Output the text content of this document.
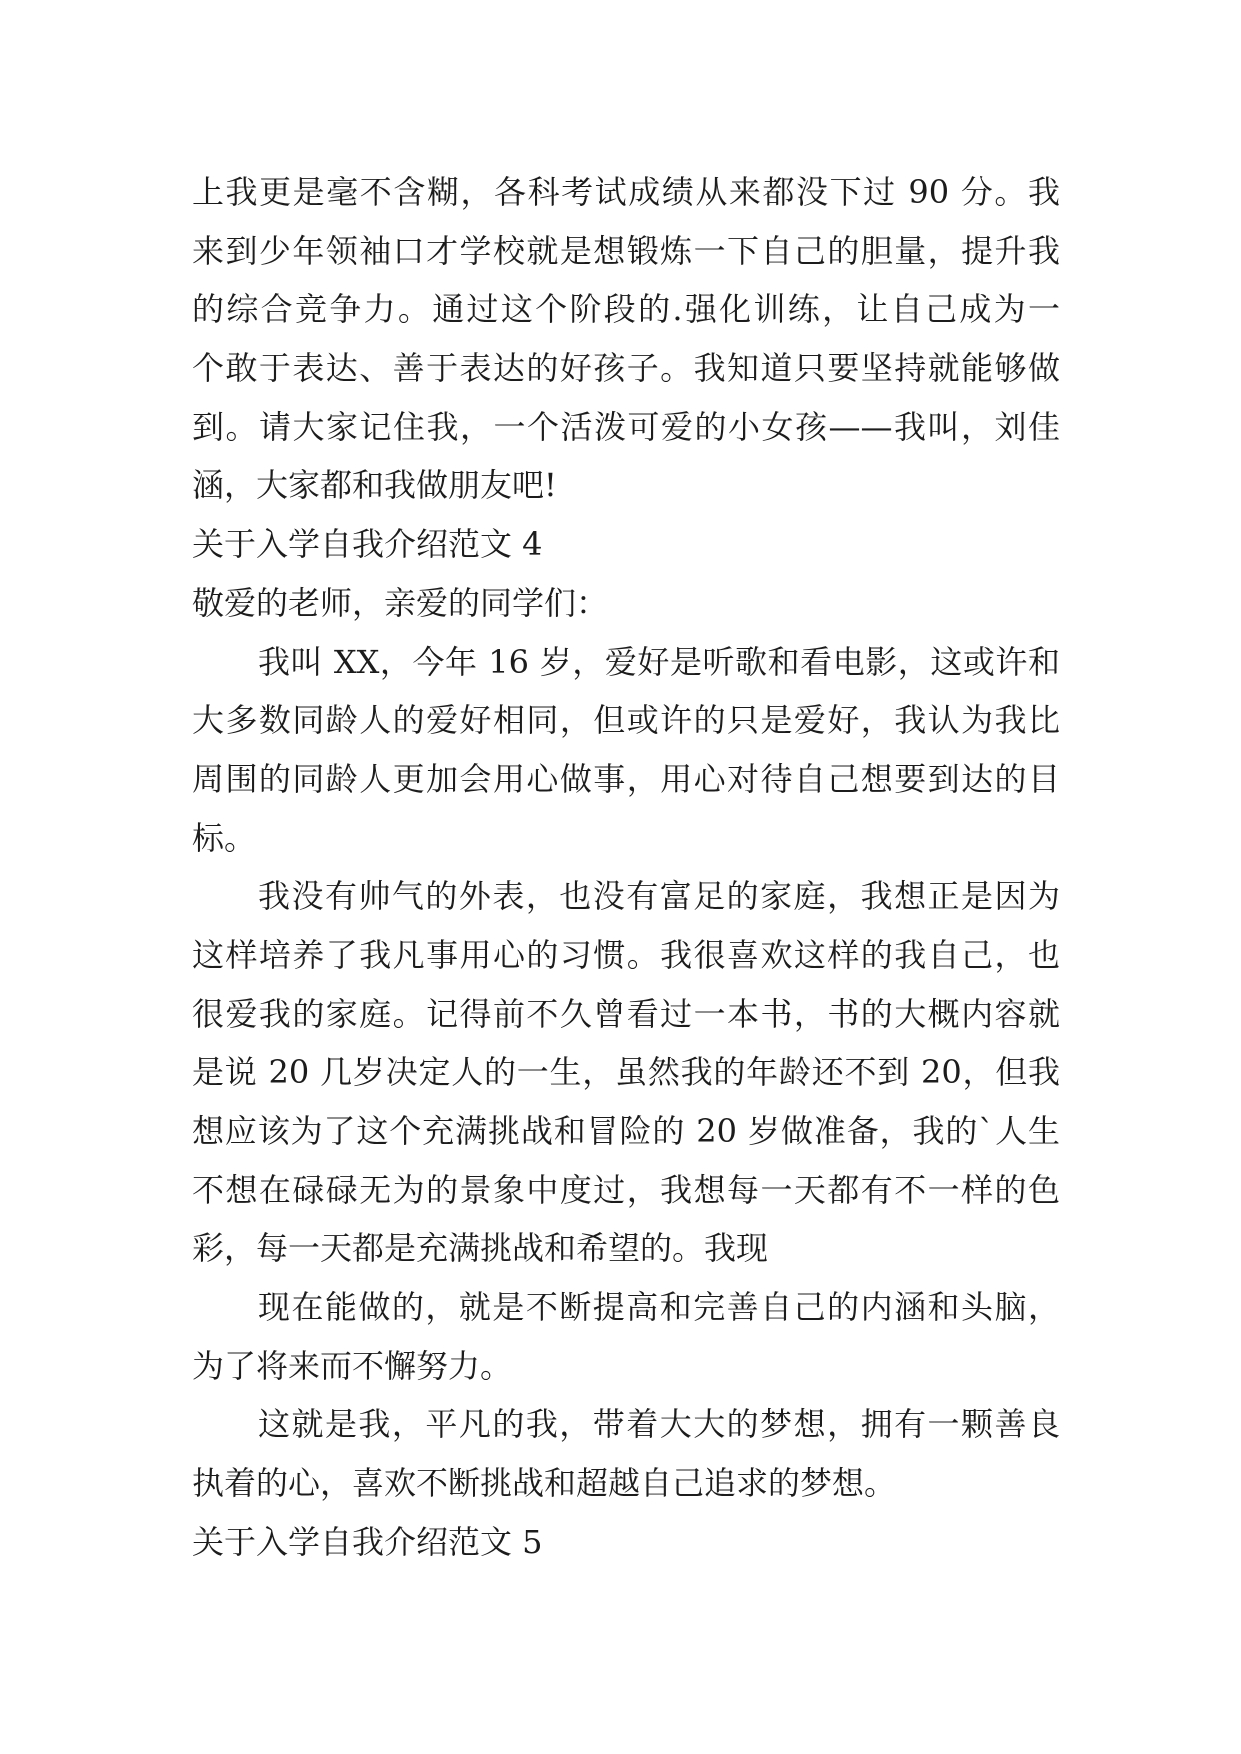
上我更是毫不含糊，各科考试成绩从来都没下过 90 分。我
来到少年领袖口才学校就是想锻炼一下自己的胆量，提升我
的综合竞争力。通过这个阶段的.强化训练，让自己成为一
个敢于表达、善于表达的好孩子。我知道只要坚持就能够做
到。请大家记住我，一个活泼可爱的小女孩——我叫，刘佳
涵，大家都和我做朋友吧!
关于入学自我介绍范文 4
敬爱的老师，亲爱的同学们：
我叫 XX，今年 16 岁，爱好是听歌和看电影，这或许和
大多数同龄人的爱好相同，但或许的只是爱好，我认为我比
周围的同龄人更加会用心做事，用心对待自己想要到达的目
标。
我没有帅气的外表，也没有富足的家庭，我想正是因为
这样培养了我凡事用心的习惯。我很喜欢这样的我自己，也
很爱我的家庭。记得前不久曾看过一本书，书的大概内容就
是说 20 几岁决定人的一生，虽然我的年龄还不到 20，但我
想应该为了这个充满挑战和冒险的 20 岁做准备，我的`人生
不想在碌碌无为的景象中度过，我想每一天都有不一样的色
彩，每一天都是充满挑战和希望的。我现
现在能做的，就是不断提高和完善自己的内涵和头脑，
为了将来而不懈努力。
这就是我，平凡的我，带着大大的梦想，拥有一颗善良
执着的心，喜欢不断挑战和超越自己追求的梦想。
关于入学自我介绍范文 5
